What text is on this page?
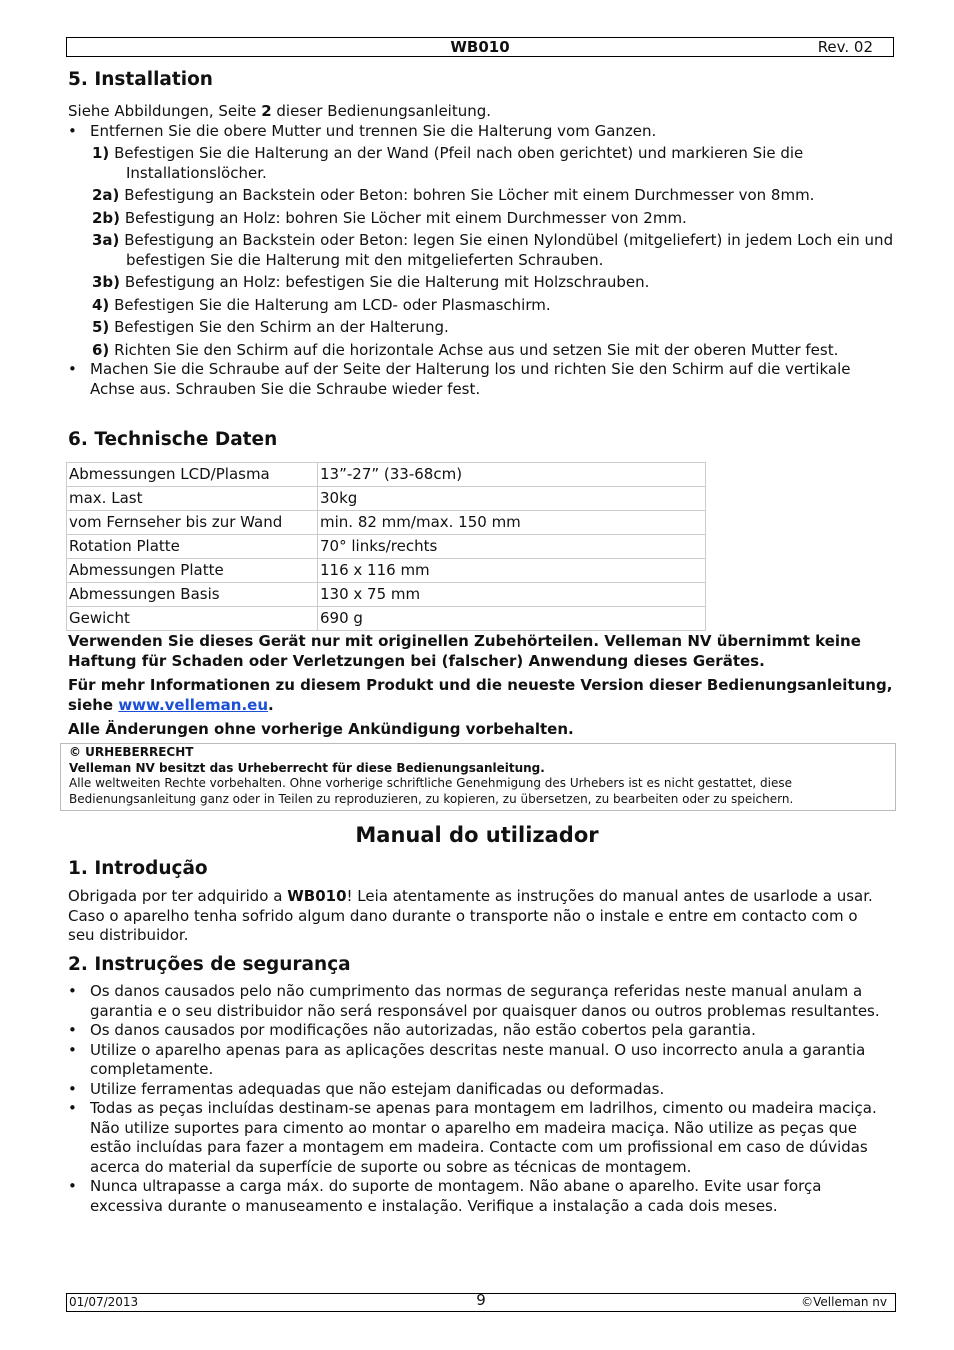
WB010	Rev. 02
5. Installation
Siehe Abbildungen, Seite 2 dieser Bedienungsanleitung.
• Entfernen Sie die obere Mutter und trennen Sie die Halterung vom Ganzen.
1) Befestigen Sie die Halterung an der Wand (Pfeil nach oben gerichtet) und markieren Sie die Installationslöcher.
2a) Befestigung an Backstein oder Beton: bohren Sie Löcher mit einem Durchmesser von 8mm.
2b) Befestigung an Holz: bohren Sie Löcher mit einem Durchmesser von 2mm.
3a) Befestigung an Backstein oder Beton: legen Sie einen Nylondübel (mitgeliefert) in jedem Loch ein und befestigen Sie die Halterung mit den mitgelieferten Schrauben.
3b) Befestigung an Holz: befestigen Sie die Halterung mit Holzschrauben.
4) Befestigen Sie die Halterung am LCD- oder Plasmaschirm.
5) Befestigen Sie den Schirm an der Halterung.
6) Richten Sie den Schirm auf die horizontale Achse aus und setzen Sie mit der oberen Mutter fest.
• Machen Sie die Schraube auf der Seite der Halterung los und richten Sie den Schirm auf die vertikale Achse aus. Schrauben Sie die Schraube wieder fest.
6. Technische Daten
Abmessungen LCD/Plasma	13”-27” (33-68cm)
max. Last	30kg
vom Fernseher bis zur Wand	min. 82 mm/max. 150 mm
Rotation Platte	70° links/rechts
Abmessungen Platte	116 x 116 mm
Abmessungen Basis	130 x 75 mm
Gewicht	690 g
Verwenden Sie dieses Gerät nur mit originellen Zubehörteilen. Velleman NV übernimmt keine Haftung für Schaden oder Verletzungen bei (falscher) Anwendung dieses Gerätes.
Für mehr Informationen zu diesem Produkt und die neueste Version dieser Bedienungsanleitung, siehe www.velleman.eu.
Alle Änderungen ohne vorherige Ankündigung vorbehalten.
© URHEBERRECHT
Velleman NV besitzt das Urheberrecht für diese Bedienungsanleitung.
Alle weltweiten Rechte vorbehalten. Ohne vorherige schriftliche Genehmigung des Urhebers ist es nicht gestattet, diese Bedienungsanleitung ganz oder in Teilen zu reproduzieren, zu kopieren, zu übersetzen, zu bearbeiten oder zu speichern.
Manual do utilizador
1. Introdução
Obrigada por ter adquirido a WB010! Leia atentamente as instruções do manual antes de usarlode a usar. Caso o aparelho tenha sofrido algum dano durante o transporte não o instale e entre em contacto com o seu distribuidor.
2. Instruções de segurança
• Os danos causados pelo não cumprimento das normas de segurança referidas neste manual anulam a garantia e o seu distribuidor não será responsável por quaisquer danos ou outros problemas resultantes.
• Os danos causados por modificações não autorizadas, não estão cobertos pela garantia.
• Utilize o aparelho apenas para as aplicações descritas neste manual. O uso incorrecto anula a garantia completamente.
• Utilize ferramentas adequadas que não estejam danificadas ou deformadas.
• Todas as peças incluídas destinam-se apenas para montagem em ladrilhos, cimento ou madeira maciça. Não utilize suportes para cimento ao montar o aparelho em madeira maciça. Não utilize as peças que estão incluídas para fazer a montagem em madeira. Contacte com um profissional em caso de dúvidas acerca do material da superfície de suporte ou sobre as técnicas de montagem.
• Nunca ultrapasse a carga máx. do suporte de montagem. Não abane o aparelho. Evite usar força excessiva durante o manuseamento e instalação. Verifique a instalação a cada dois meses.
01/07/2013	9	©Velleman nv
